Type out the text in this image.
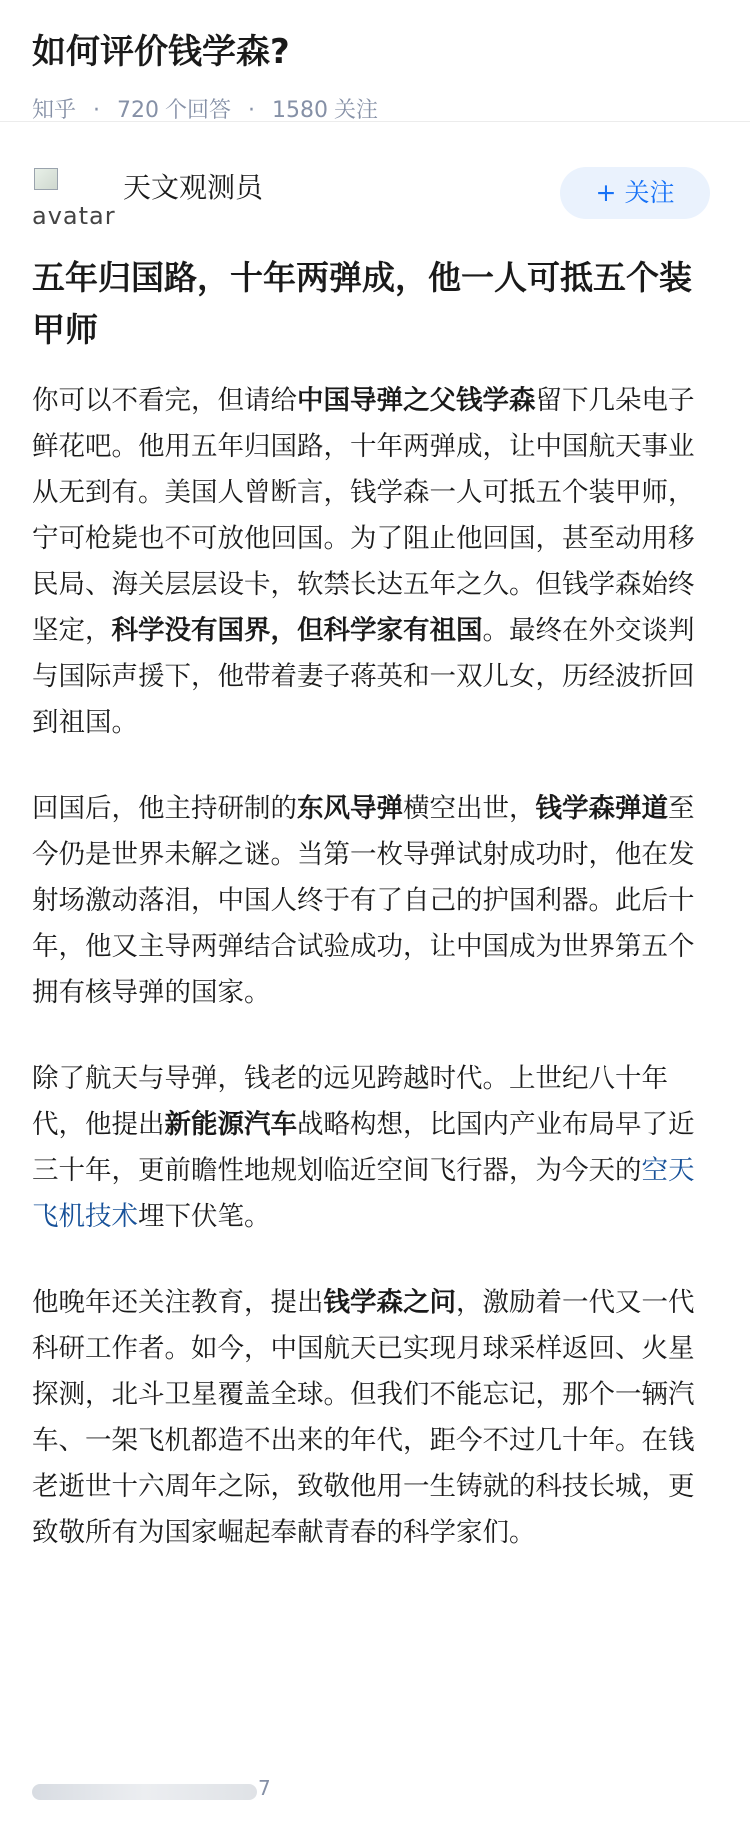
如何评价钱学森?
知乎 · 720 个回答 · 1580 关注
avatar
天文观测员	+ 关注
五年归国路，十年两弹成，他一人可抵五个装甲师
你可以不看完，但请给中国导弹之父钱学森留下几朵电子鲜花吧。他用五年归国路，十年两弹成，让中国航天事业从无到有。美国人曾断言，钱学森一人可抵五个装甲师，宁可枪毙也不可放他回国。为了阻止他回国，甚至动用移民局、海关层层设卡，软禁长达五年之久。但钱学森始终坚定，科学没有国界，但科学家有祖国。最终在外交谈判与国际声援下，他带着妻子蒋英和一双儿女，历经波折回到祖国。
回国后，他主持研制的东风导弹横空出世，钱学森弹道至今仍是世界未解之谜。当第一枚导弹试射成功时，他在发射场激动落泪，中国人终于有了自己的护国利器。此后十年，他又主导两弹结合试验成功，让中国成为世界第五个拥有核导弹的国家。
除了航天与导弹，钱老的远见跨越时代。上世纪八十年代，他提出新能源汽车战略构想，比国内产业布局早了近三十年，更前瞻性地规划临近空间飞行器，为今天的空天飞机技术埋下伏笔。
他晚年还关注教育，提出钱学森之问，激励着一代又一代科研工作者。如今，中国航天已实现月球采样返回、火星探测，北斗卫星覆盖全球。但我们不能忘记，那个一辆汽车、一架飞机都造不出来的年代，距今不过几十年。在钱老逝世十六周年之际，致敬他用一生铸就的科技长城，更致敬所有为国家崛起奉献青春的科学家们。
7
